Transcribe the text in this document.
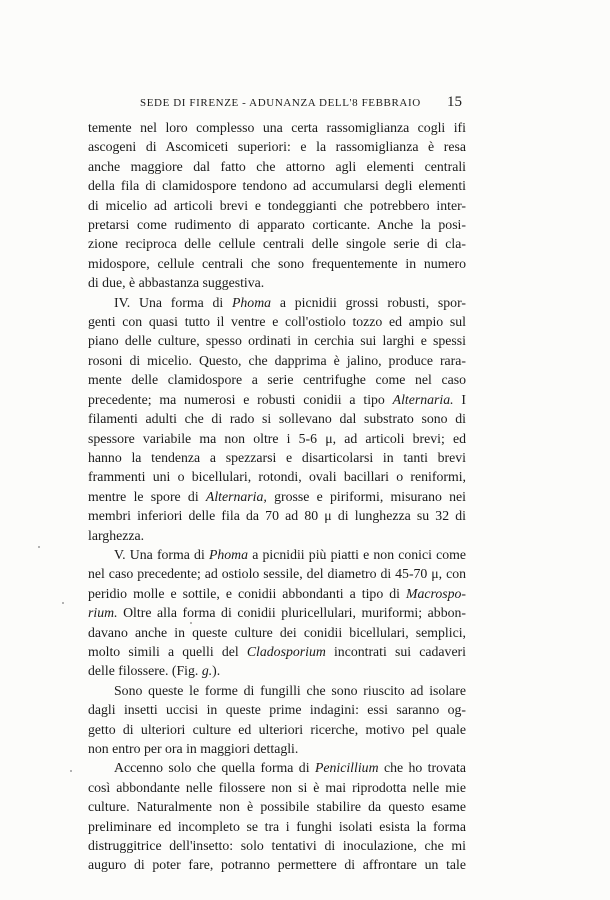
SEDE DI FIRENZE - ADUNANZA DELL'8 FEBBRAIO 15

temente nel loro complesso una certa rassomiglianza cogli ifi
ascogeni di Ascomiceti superiori: e la rassomiglianza è resa
anche maggiore dal fatto che attorno agli elementi centrali
della fila di clamidospore tendono ad accumularsi degli elementi
di micelio ad articoli brevi e tondeggianti che potrebbero inter-
pretarsi come rudimento di apparato corticante. Anche la posi-
zione reciproca delle cellule centrali delle singole serie di cla-
midospore, cellule centrali che sono frequentemente in numero
di due, è abbastanza suggestiva.

IV. Una forma di Phoma a picnidii grossi robusti, spor-
genti con quasi tutto il ventre e coll'ostiolo tozzo ed ampio sul
piano delle culture, spesso ordinati in cerchia sui larghi e spessi
rosoni di micelio. Questo, che dapprima è jalino, produce rara-
mente delle clamidospore a serie centrifughe come nel caso
precedente; ma numerosi e robusti conidii a tipo Alternaria. I
filamenti adulti che di rado si sollevano dal substrato sono di
spessore variabile ma non oltre i 5-6 μ, ad articoli brevi; ed
hanno la tendenza a spezzarsi e disarticolarsi in tanti brevi
frammenti uni o bicellulari, rotondi, ovali bacillari o reniformi,
mentre le spore di Alternaria, grosse e piriformi, misurano nei
membri inferiori delle fila da 70 ad 80 μ di lunghezza su 32 di
larghezza.

V. Una forma di Phoma a picnidii più piatti e non conici come
nel caso precedente; ad ostiolo sessile, del diametro di 45-70 μ, con
peridio molle e sottile, e conidii abbondanti a tipo di Macrospo-
rium. Oltre alla forma di conidii pluricellulari, muriformi; abbon-
davano anche in queste culture dei conidii bicellulari, semplici,
molto simili a quelli del Cladosporium incontrati sui cadaveri
delle filossere. (Fig. g.).

Sono queste le forme di fungilli che sono riuscito ad isolare
dagli insetti uccisi in queste prime indagini: essi saranno og-
getto di ulteriori culture ed ulteriori ricerche, motivo pel quale
non entro per ora in maggiori dettagli.

Accenno solo che quella forma di Penicillium che ho trovata
così abbondante nelle filossere non si è mai riprodotta nelle mie
culture. Naturalmente non è possibile stabilire da questo esame
preliminare ed incompleto se tra i funghi isolati esista la forma
distruggitrice dell'insetto: solo tentativi di inoculazione, che mi
auguro di poter fare, potranno permettere di affrontare un tale
